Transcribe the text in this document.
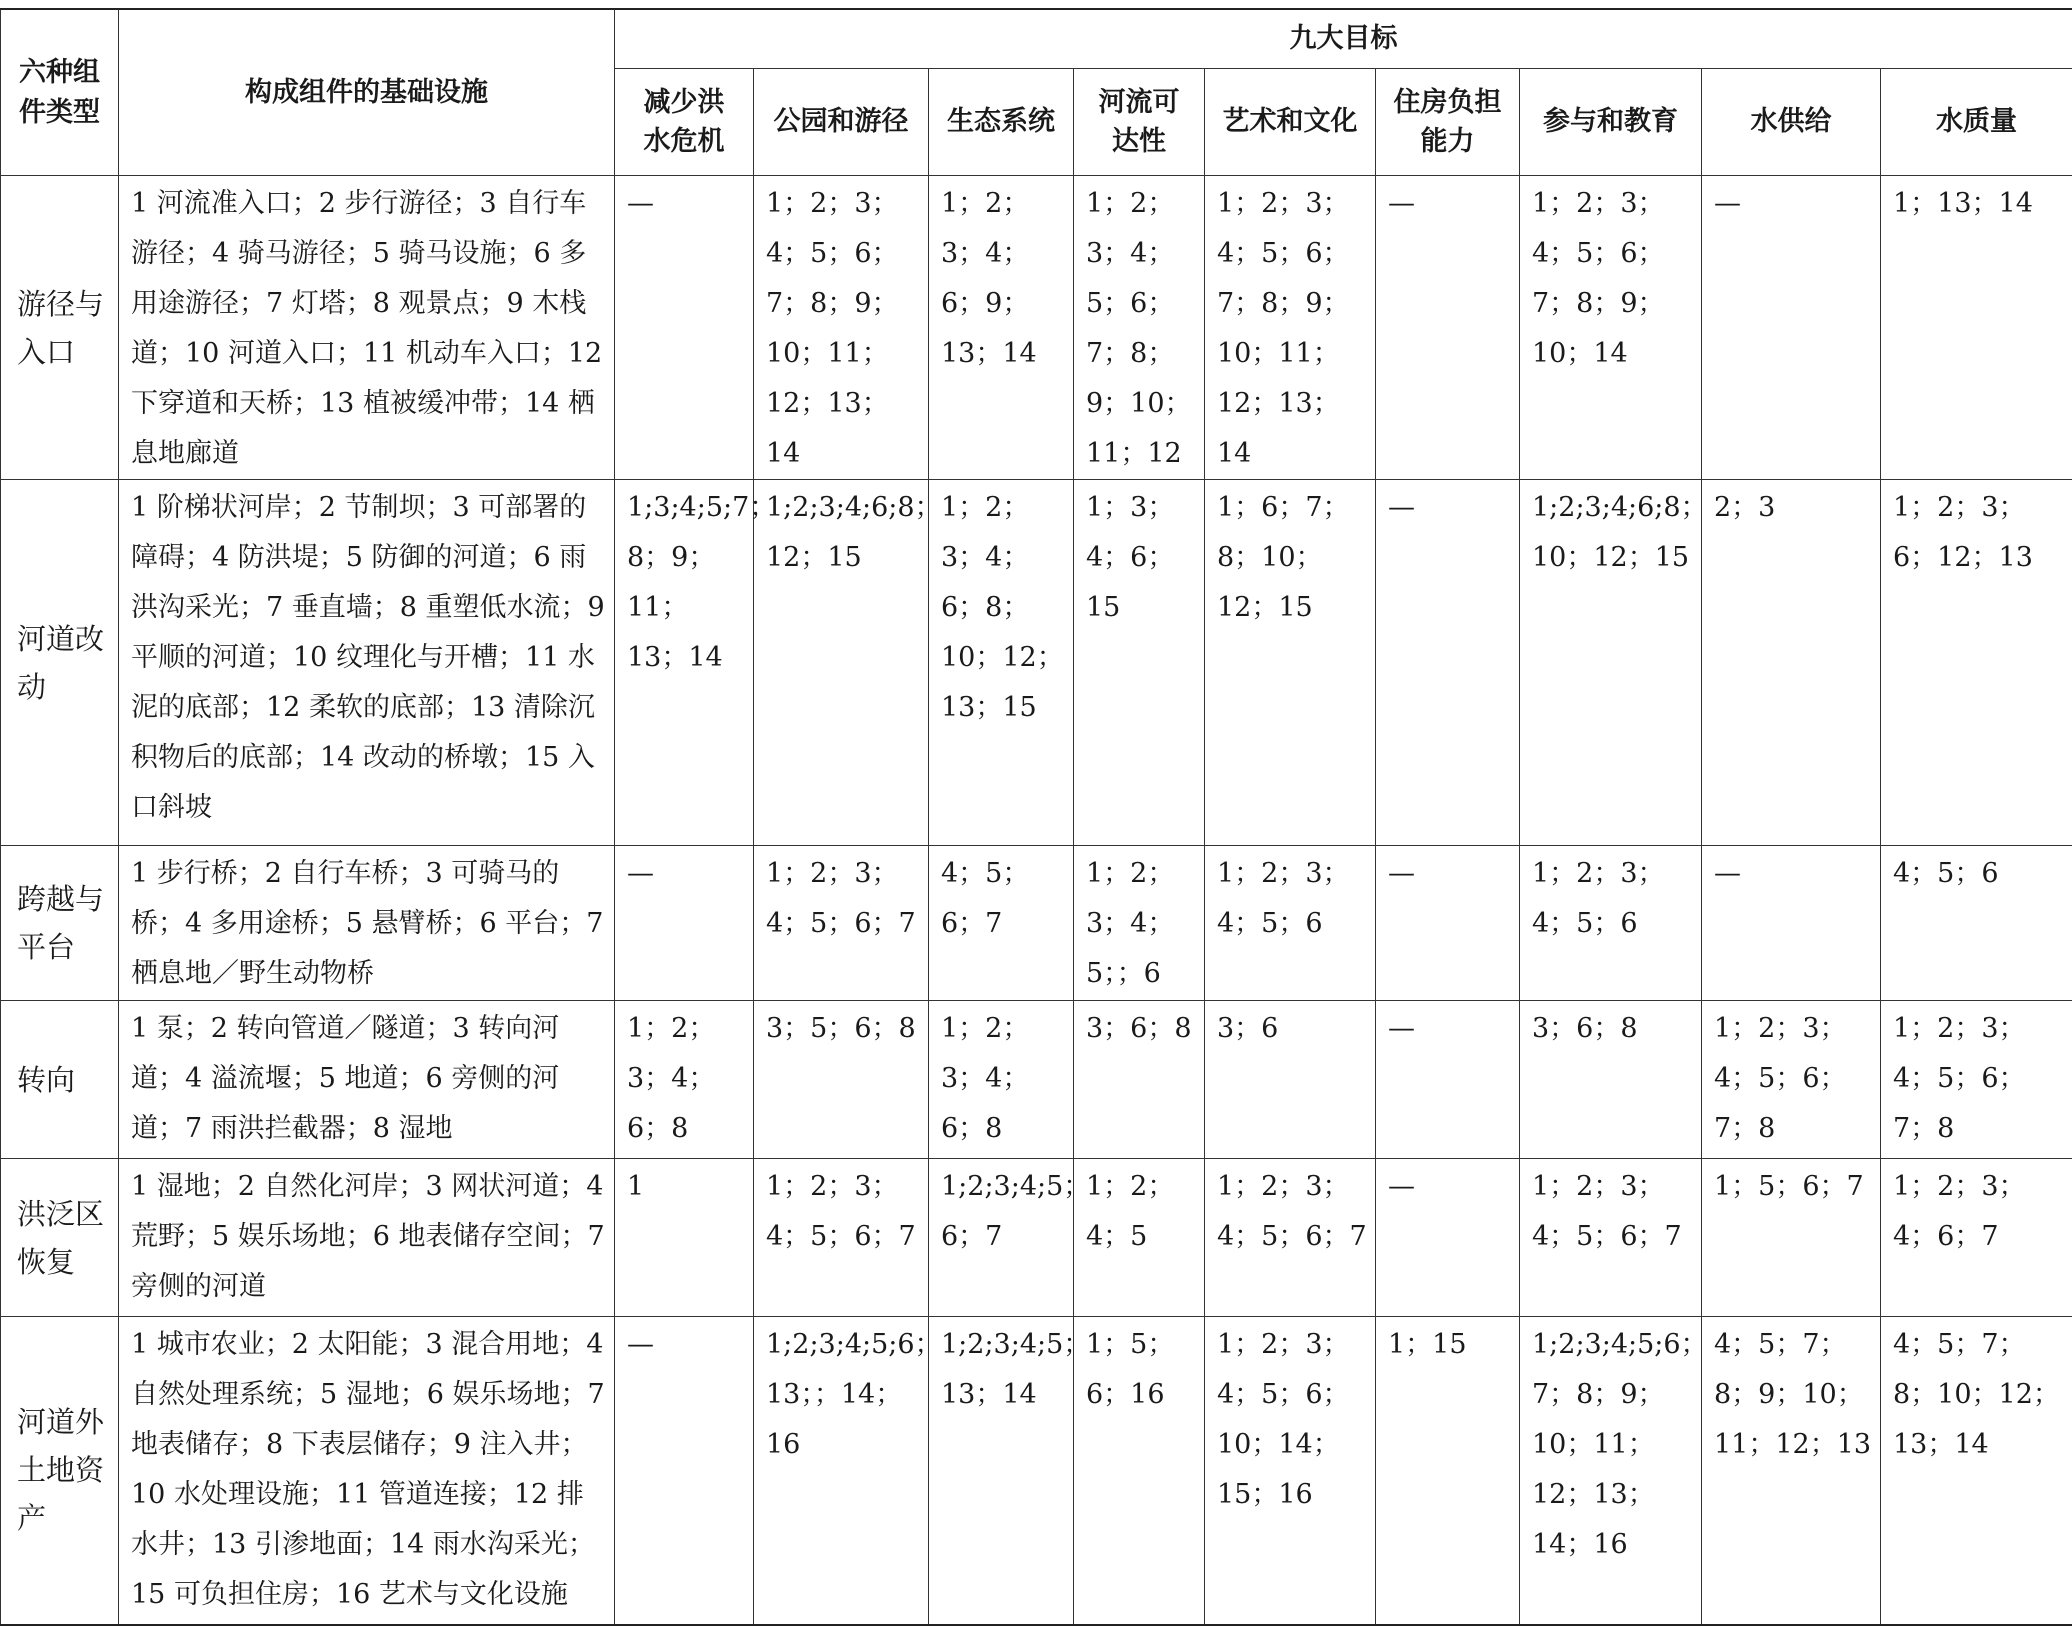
六种组件类型	构成组件的基础设施	九大目标								
		减少洪水危机	公园和游径	生态系统	河流可达性	艺术和文化	住房负担能力	参与和教育	水供给	水质量
游径与入口	1 河流准入口；2 步行游径；3 自行车游径；4 骑马游径；5 骑马设施；6 多用途游径；7 灯塔；8 观景点；9 木栈道；10 河道入口；11 机动车入口；12 下穿道和天桥；13 植被缓冲带；14 栖息地廊道	—	1；2；3；4；5；6；7；8；9；10；11；12；13；14	1；2；3；4；6；9；13；14	1；2；3；4；5；6；7；8；9；10；11；12	1；2；3；4；5；6；7；8；9；10；11；12；13；14	—	1；2；3；4；5；6；7；8；9；10；14	—	1；13；14
河道改动	1 阶梯状河岸；2 节制坝；3 可部署的障碍；4 防洪堤；5 防御的河道；6 雨洪沟采光；7 垂直墙；8 重塑低水流；9 平顺的河道；10 纹理化与开槽；11 水泥的底部；12 柔软的底部；13 清除沉积物后的底部；14 改动的桥墩；15 入口斜坡	1;3;4;5;7；8；9；11；13；14	1;2;3;4;6;8；12；15	1；2；3；4；6；8；10；12；13；15	1；3；4；6；15	1；6；7；8；10；12；15	—	1;2;3;4;6;8；10；12；15	2；3	1；2；3；6；12；13
跨越与平台	1 步行桥；2 自行车桥；3 可骑马的桥；4 多用途桥；5 悬臂桥；6 平台；7 栖息地／野生动物桥	—	1；2；3；4；5；6；7	4；5；6；7	1；2；3；4；5；；6	1；2；3；4；5；6	—	1；2；3；4；5；6	—	4；5；6
转向	1 泵；2 转向管道／隧道；3 转向河道；4 溢流堰；5 地道；6 旁侧的河道；7 雨洪拦截器；8 湿地	1；2；3；4；6；8	3；5；6；8	1；2；3；4；6；8	3；6；8	3；6	—	3；6；8	1；2；3；4；5；6；7；8	1；2；3；4；5；6；7；8
洪泛区恢复	1 湿地；2 自然化河岸；3 网状河道；4 荒野；5 娱乐场地；6 地表储存空间；7 旁侧的河道	1	1；2；3；4；5；6；7	1;2;3;4;5；6；7	1；2；4；5	1；2；3；4；5；6；7	—	1；2；3；4；5；6；7	1；5；6；7	1；2；3；4；6；7
河道外土地资产	1 城市农业；2 太阳能；3 混合用地；4 自然处理系统；5 湿地；6 娱乐场地；7 地表储存；8 下表层储存；9 注入井；10 水处理设施；11 管道连接；12 排水井；13 引渗地面；14 雨水沟采光；15 可负担住房；16 艺术与文化设施	—	1;2;3;4;5;6；13；；14；16	1;2;3;4;5；13；14	1；5；6；16	1；2；3；4；5；6；10；14；15；16	1；15	1;2;3;4;5;6；7；8；9；10；11；12；13；14；16	4；5；7；8；9；10；11；12；13	4；5；7；8；10；12；13；14
